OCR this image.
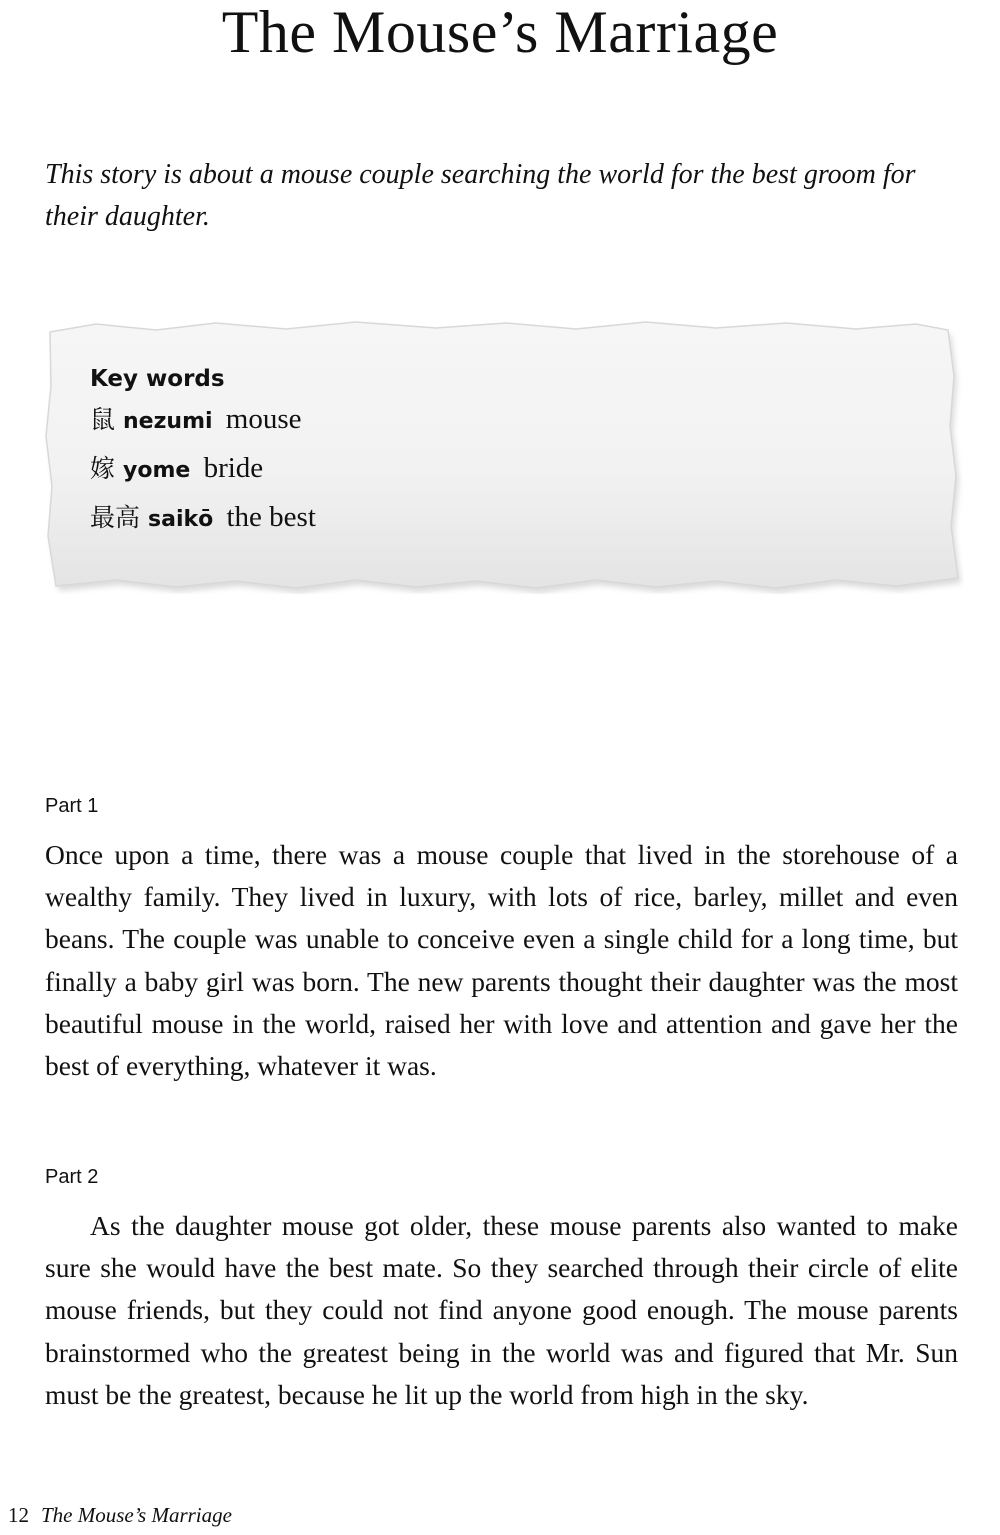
The Mouse’s Marriage

This story is about a mouse couple searching the world for the best groom for their daughter.

Key words
鼠 nezumi mouse
嫁 yome bride
最高 saikō the best

Part 1

Once upon a time, there was a mouse couple that lived in the storehouse of a wealthy family. They lived in luxury, with lots of rice, barley, millet and even beans. The couple was unable to conceive even a single child for a long time, but finally a baby girl was born. The new parents thought their daughter was the most beautiful mouse in the world, raised her with love and attention and gave her the best of everything, whatever it was.

Part 2

As the daughter mouse got older, these mouse parents also wanted to make sure she would have the best mate. So they searched through their circle of elite mouse friends, but they could not find anyone good enough. The mouse parents brainstormed who the greatest being in the world was and figured that Mr. Sun must be the greatest, because he lit up the world from high in the sky.

12 The Mouse’s Marriage
